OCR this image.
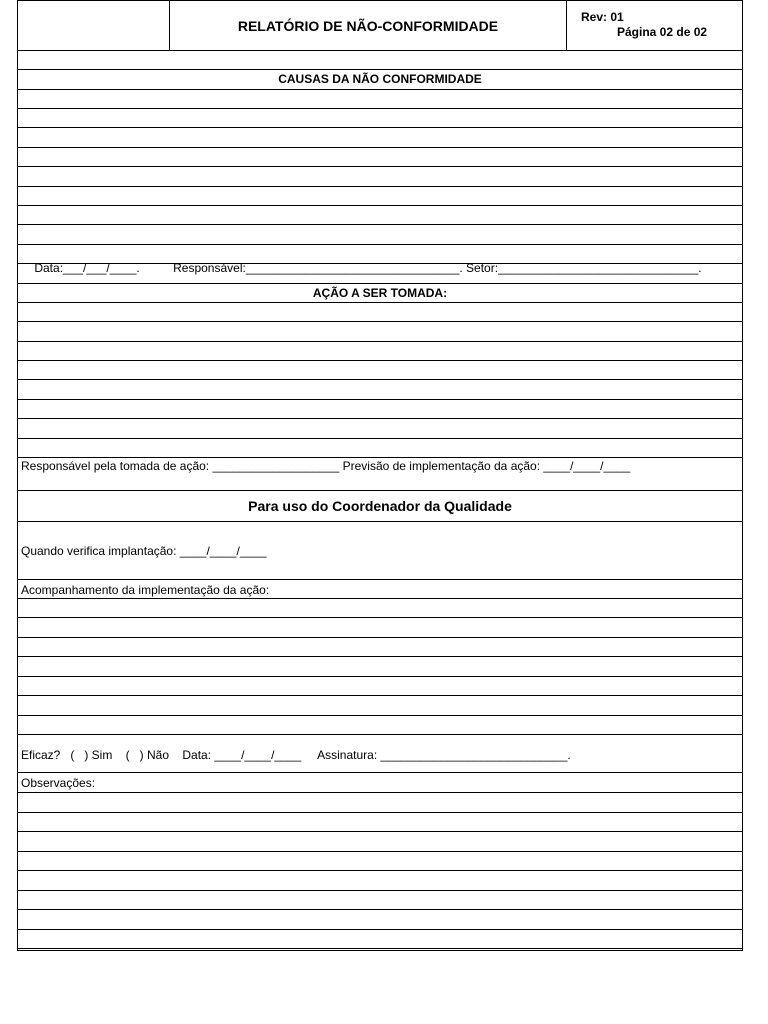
RELATÓRIO DE NÃO-CONFORMIDADE
Rev: 01
Página 02 de 02
CAUSAS DA NÃO CONFORMIDADE

Data:___/___/____.	Responsável:________________________________. Setor:______________________________.

AÇÃO A SER TOMADA:
Responsável pela tomada de ação: ___________________ Previsão de implementação da ação: ____/____/____
Para uso do Coordenador da Qualidade
Quando verifica implantação: ____/____/____
Acompanhamento da implementação da ação:
Eficaz?   (   ) Sim    (   ) Não    Data: ____/____/____     Assinatura: ____________________________.
Observações:
